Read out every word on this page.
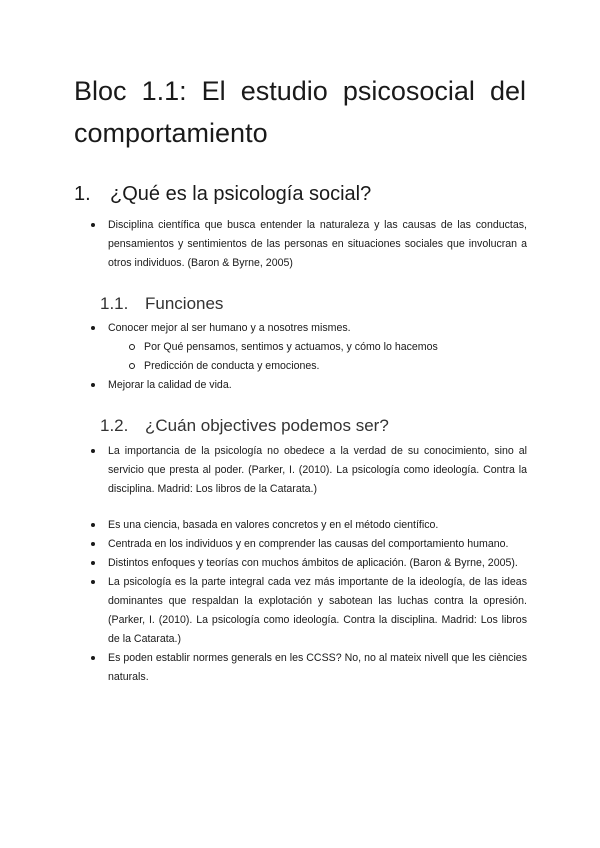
Bloc 1.1: El estudio psicosocial del
comportamiento
1. ¿Qué es la psicología social?
Disciplina científica que busca entender la naturaleza y las causas de las conductas, pensamientos y sentimientos de las personas en situaciones sociales que involucran a otros individuos. (Baron & Byrne, 2005)
1.1. Funciones
Conocer mejor al ser humano y a nosotres mismes.
Por Qué pensamos, sentimos y actuamos, y cómo lo hacemos
Predicción de conducta y emociones.
Mejorar la calidad de vida.
1.2. ¿Cuán objectives podemos ser?
La importancia de la psicología no obedece a la verdad de su conocimiento, sino al servicio que presta al poder. (Parker, I. (2010). La psicología como ideología. Contra la disciplina. Madrid: Los libros de la Catarata.)
Es una ciencia, basada en valores concretos y en el método científico.
Centrada en los individuos y en comprender las causas del comportamiento humano.
Distintos enfoques y teorías con muchos ámbitos de aplicación. (Baron & Byrne, 2005).
La psicología es la parte integral cada vez más importante de la ideología, de las ideas dominantes que respaldan la explotación y sabotean las luchas contra la opresión. (Parker, I. (2010). La psicología como ideología. Contra la disciplina. Madrid: Los libros de la Catarata.)
Es poden establir normes generals en les CCSS? No, no al mateix nivell que les ciències naturals.
